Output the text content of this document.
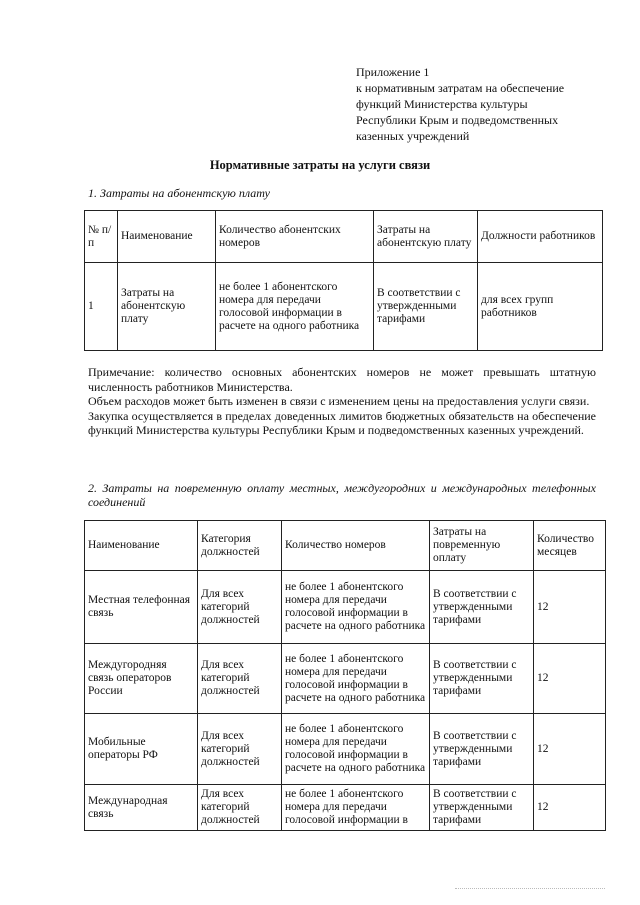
Приложение 1
к нормативным затратам на обеспечение
функций Министерства культуры
Республики Крым и подведомственных
казенных учреждений
Нормативные затраты на услуги связи
1. Затраты на абонентскую плату
№ п/п	Наименование	Количество абонентских номеров	Затраты на абонентскую плату	Должности работников
1	Затраты на абонентскую плату	не более 1 абонентского номера для передачи голосовой информации в расчете на одного работника	В соответствии с утвержденными тарифами	для всех групп работников

Примечание: количество основных абонентских номеров не может превышать штатную численность работников Министерства.

Объем расходов может быть изменен в связи с изменением цены на предоставления услуги связи.

Закупка осуществляется в пределах доведенных лимитов бюджетных обязательств на обеспечение функций Министерства культуры Республики Крым и подведомственных казенных учреждений.

2. Затраты на повременную оплату местных, междугородних и международных телефонных соединений
Наименование	Категория должностей	Количество номеров	Затраты на повременную оплату	Количество месяцев
Местная телефонная связь	Для всех категорий должностей	не более 1 абонентского номера для передачи голосовой информации в расчете на одного работника	В соответствии с утвержденными тарифами	12
Междугородняя связь операторов России	Для всех категорий должностей	не более 1 абонентского номера для передачи голосовой информации в расчете на одного работника	В соответствии с утвержденными тарифами	12
Мобильные операторы РФ	Для всех категорий должностей	не более 1 абонентского номера для передачи голосовой информации в расчете на одного работника	В соответствии с утвержденными тарифами	12
Международная связь	Для всех категорий должностей	не более 1 абонентского номера для передачи голосовой информации в	В соответствии с утвержденными тарифами	12
